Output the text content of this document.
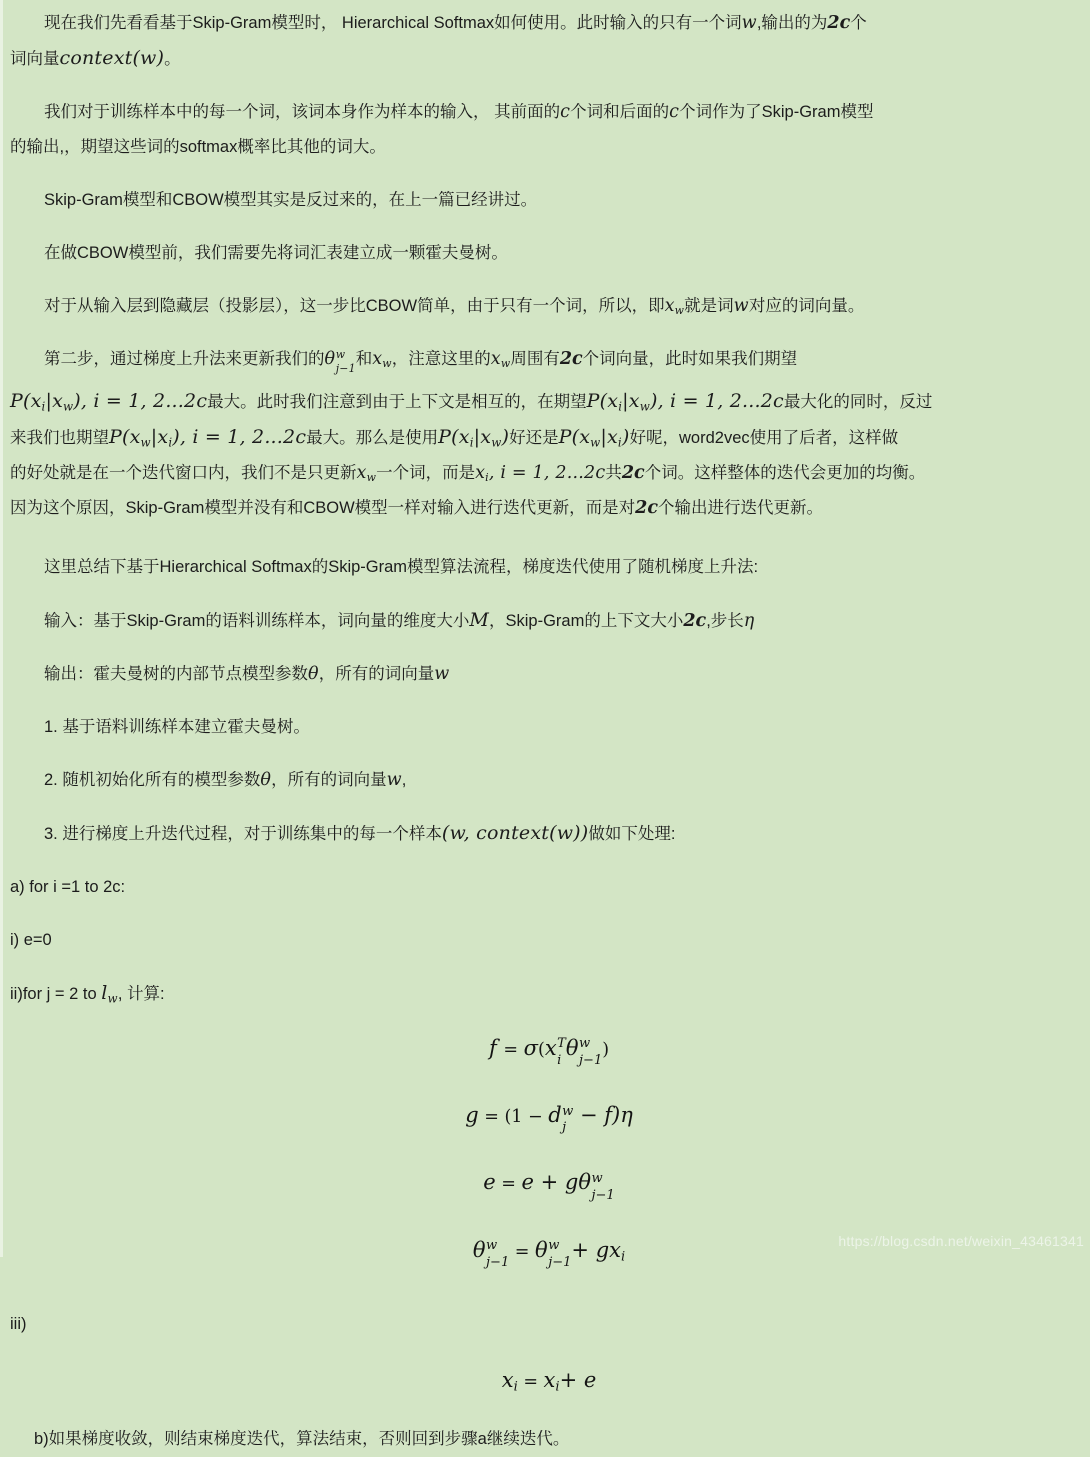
现在我们先看看基于Skip-Gram模型时， Hierarchical Softmax如何使用。此时输入的只有一个词w,输出的为2c个

词向量context(w)。

我们对于训练样本中的每一个词，该词本身作为样本的输入， 其前面的c个词和后面的c个词作为了Skip-Gram模型

的输出,，期望这些词的softmax概率比其他的词大。

Skip-Gram模型和CBOW模型其实是反过来的，在上一篇已经讲过。

在做CBOW模型前，我们需要先将词汇表建立成一颗霍夫曼树。

对于从输入层到隐藏层（投影层），这一步比CBOW简单，由于只有一个词，所以，即$x_w$就是词w对应的词向量。

第二步，通过梯度上升法来更新我们的θ w
j−1
和$x_w$，注意这里的$x_w$周围有2c个词向量，此时如果我们期望

$P(x_i|x_w)$, i = 1, 2...2c最大。此时我们注意到由于上下文是相互的，在期望$P(x_i|x_w)$, i = 1, 2...2c最大化的同时，反过

来我们也期望$P(x_w|x_i)$, i = 1, 2...2c最大。那么是使用$P(x_i|x_w)$好还是$P(x_w|x_i)$好呢，word2vec使用了后者，这样做

的好处就是在一个迭代窗口内，我们不是只更新$x_w$一个词，而是$x_i$, i = 1, 2...2c共2c个词。这样整体的迭代会更加的均衡。

因为这个原因，Skip-Gram模型并没有和CBOW模型一样对输入进行迭代更新，而是对2c个输出进行迭代更新。

这里总结下基于Hierarchical Softmax的Skip-Gram模型算法流程，梯度迭代使用了随机梯度上升法:

输入：基于Skip-Gram的语料训练样本，词向量的维度大小M，Skip-Gram的上下文大小2c,步长η

输出：霍夫曼树的内部节点模型参数θ，所有的词向量w

1. 基于语料训练样本建立霍夫曼树。

2. 随机初始化所有的模型参数θ，所有的词向量w,

3. 进行梯度上升迭代过程，对于训练集中的每一个样本(w, context(w))做如下处理:

a) for i =1 to 2c:

i) e=0

ii)for j = 2 to $l_w$, 计算:

f = σ(x T
i
θ w
j−1
)
g = (1 − d w
j
− f)η
e = e + gθ w
j−1
θ w
j−1
= θ w
j−1
+ $gx_i$

iii)

$x_i = x_i+ e$

b)如果梯度收敛，则结束梯度迭代，算法结束，否则回到步骤a继续迭代。

https://blog.csdn.net/weixin_43461341
